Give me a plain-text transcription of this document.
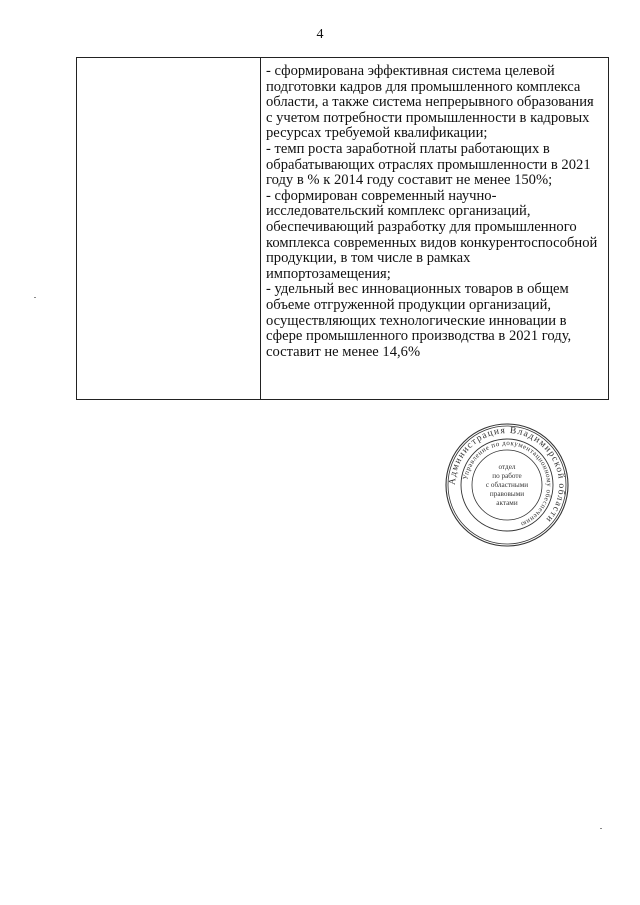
4

- сформирована эффективная система целевой
подготовки кадров для промышленного комплекса
области, а также система непрерывного образования
с учетом потребности промышленности в кадровых
ресурсах требуемой квалификации;

- темп роста заработной платы работающих в
обрабатывающих отраслях промышленности в 2021
году в % к 2014 году составит не менее 150%;

- сформирован современный научно-
исследовательский комплекс организаций,
обеспечивающий разработку для промышленного
комплекса современных видов конкурентоспособной
продукции, в том числе в рамках
импортозамещения;

- удельный вес инновационных товаров в общем
объеме отгруженной продукции организаций,
осуществляющих технологические инновации в
сфере промышленного производства в 2021 году,
составит не менее 14,6%

Администрация Владимирской области
Управление по документационному обеспечению
отдел
по работе
с областными
правовыми
актами
